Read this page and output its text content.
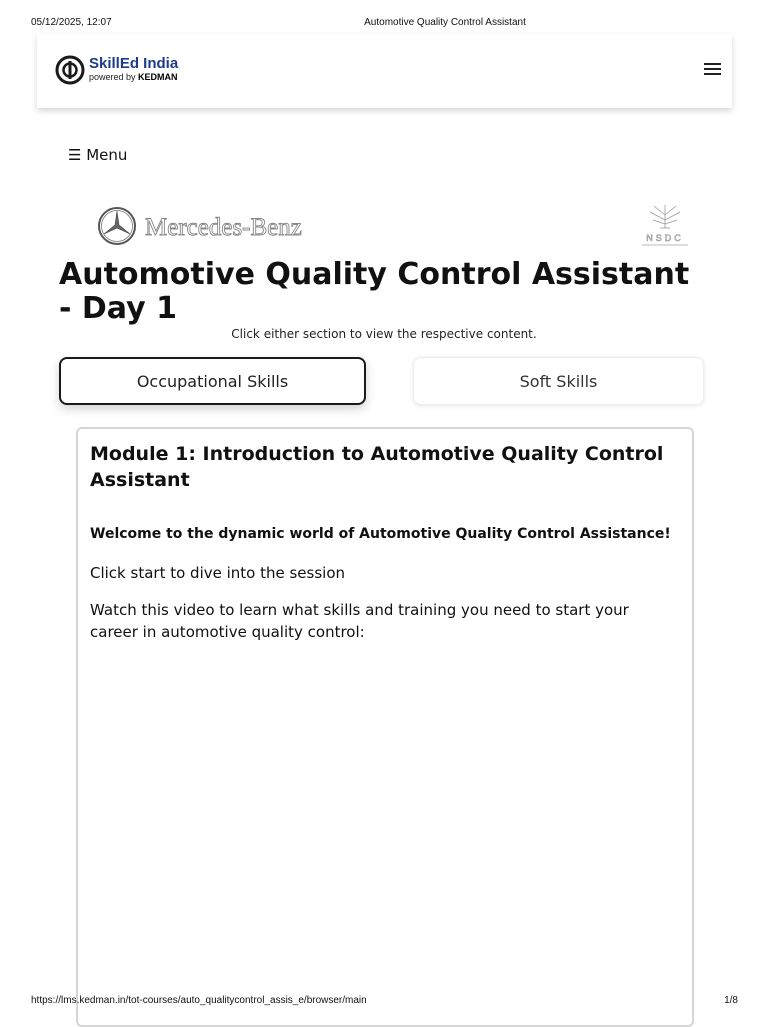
05/12/2025, 12:07	Automotive Quality Control Assistant
SkillEd India
powered by KEDMAN
☰ Menu
Mercedes-Benz	NSDC
Automotive Quality Control Assistant - Day 1
Click either section to view the respective content.
Occupational Skills	Soft Skills
Module 1: Introduction to Automotive Quality Control Assistant
Welcome to the dynamic world of Automotive Quality Control Assistance!
Click start to dive into the session
Watch this video to learn what skills and training you need to start your career in automotive quality control:
https://lms.kedman.in/tot-courses/auto_qualitycontrol_assis_e/browser/main	1/8
